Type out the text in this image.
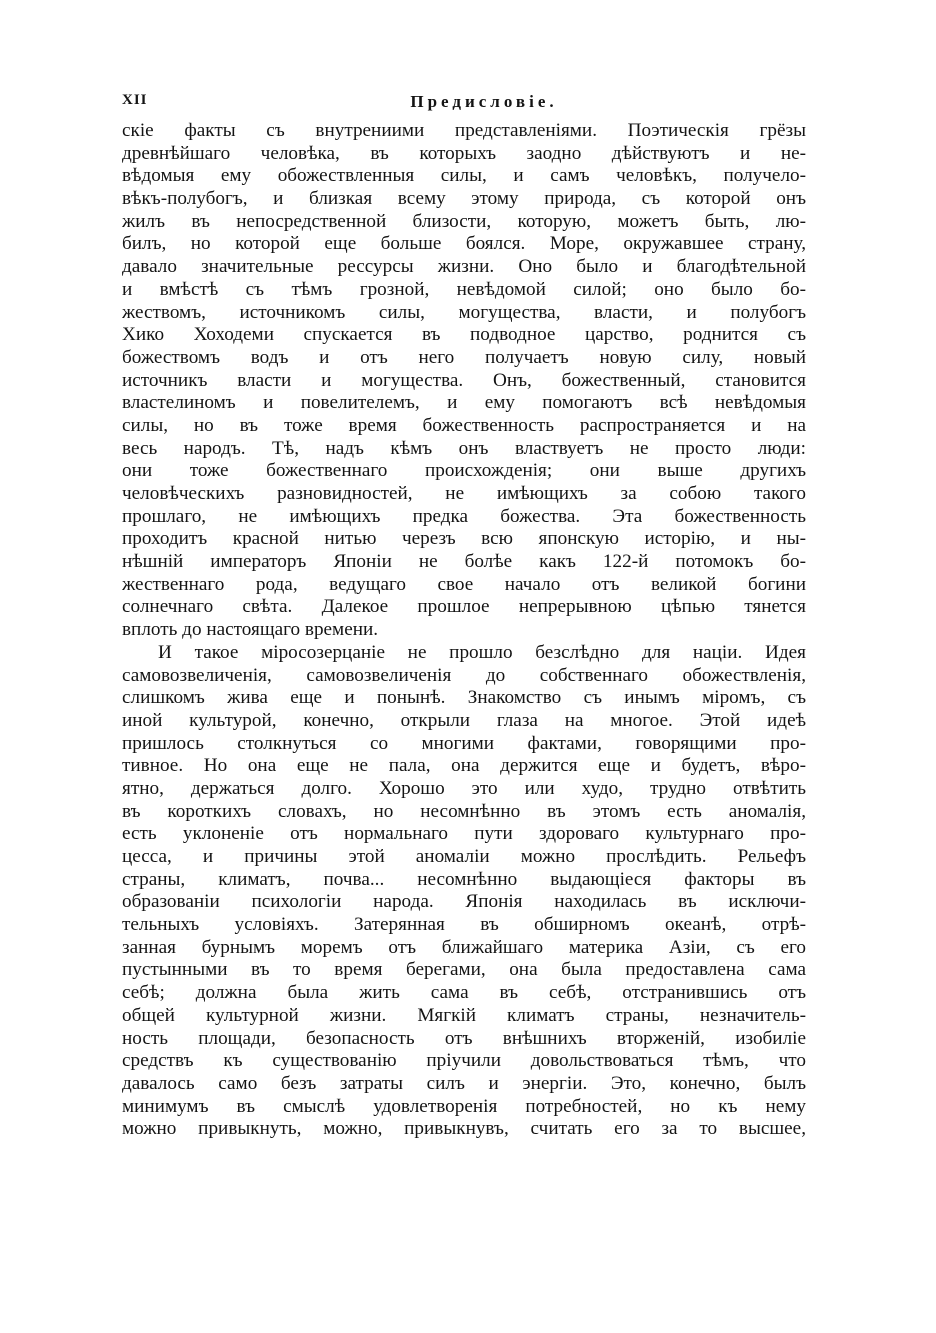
XII	Предисловіе.
скіе факты съ внутрениими представленіями. Поэтическія грёзы
древнѣйшаго человѣка, въ которыхъ заодно дѣйствуютъ и не-
вѣдомыя ему обожествленныя силы, и самъ человѣкъ, получело-
вѣкъ-полубогъ, и близкая всему этому природа, съ которой онъ
жилъ въ непосредственной близости, которую, можетъ быть, лю-
билъ, но которой еще больше боялся. Море, окружавшее страну,
давало значительные рессурсы жизни. Оно было и благодѣтельной
и вмѣстѣ съ тѣмъ грозной, невѣдомой силой; оно было бо-
жествомъ, источникомъ силы, могущества, власти, и полубогъ
Хико Хоходеми спускается въ подводное царство, роднится съ
божествомъ водъ и отъ него получаетъ новую силу, новый
источникъ власти и могущества. Онъ, божественный, становится
властелиномъ и повелителемъ, и ему помогаютъ всѣ невѣдомыя
силы, но въ тоже время божественность распространяется и на
весь народъ. Тѣ, надъ кѣмъ онъ властвуетъ не просто люди:
они тоже божественнаго происхожденія; они выше другихъ
человѣческихъ разновидностей, не имѣющихъ за собою такого
прошлаго, не имѣющихъ предка божества. Эта божественность
проходитъ красной нитью черезъ всю японскую исторію, и ны-
нѣшній императоръ Японіи не болѣе какъ 122-й потомокъ бо-
жественнаго рода, ведущаго свое начало отъ великой богини
солнечнаго свѣта. Далекое прошлое непрерывною цѣпью тянется
вплоть до настоящаго времени.
И такое міросозерцаніе не прошло безслѣдно для націи. Идея
самовозвеличенія, самовозвеличенія до собственнаго обожествленія,
слишкомъ жива еще и понынѣ. Знакомство съ инымъ міромъ, съ
иной культурой, конечно, открыли глаза на многое. Этой идеѣ
пришлось столкнуться со многими фактами, говорящими про-
тивное. Но она еще не пала, она держится еще и будетъ, вѣро-
ятно, держаться долго. Хорошо это или худо, трудно отвѣтить
въ короткихъ словахъ, но несомнѣнно въ этомъ есть аномалія,
есть уклоненіе отъ нормальнаго пути здороваго культурнаго про-
цесса, и причины этой аномаліи можно прослѣдить. Рельефъ
страны, климатъ, почва... несомнѣнно выдающіеся факторы въ
образованіи психологіи народа. Японія находилась въ исключи-
тельныхъ условіяхъ. Затерянная въ обширномъ океанѣ, отрѣ-
занная бурнымъ моремъ отъ ближайшаго материка Азіи, съ его
пустынными въ то время берегами, она была предоставлена сама
себѣ; должна была жить сама въ себѣ, отстранившись отъ
общей культурной жизни. Мягкій климатъ страны, незначитель-
ность площади, безопасность отъ внѣшнихъ вторженій, изобиліе
средствъ къ существованію пріучили довольствоваться тѣмъ, что
давалось само безъ затраты силъ и энергіи. Это, конечно, былъ
минимумъ въ смыслѣ удовлетворенія потребностей, но къ нему
можно привыкнуть, можно, привыкнувъ, считать его за то высшее,
